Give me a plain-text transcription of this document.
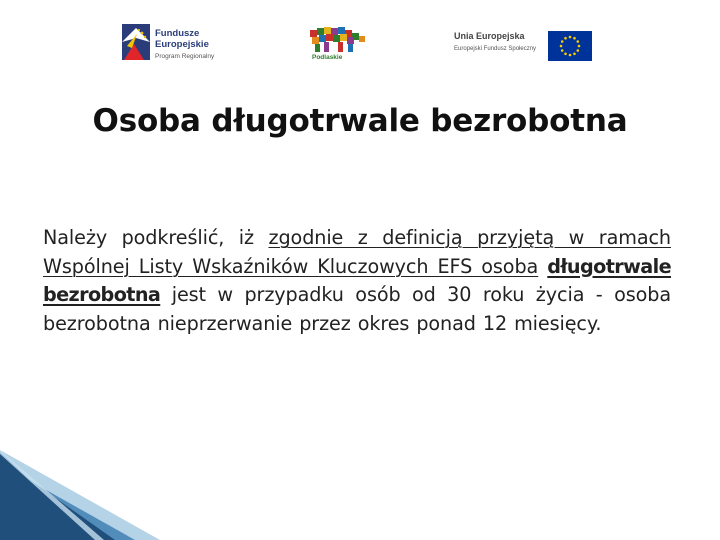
Fundusze
Europejskie
Program Regionalny	Podlaskie
Unia Europejska
Europejski Fundusz Społeczny
Osoba długotrwale bezrobotna
Należy podkreślić, iż zgodnie z definicją przyjętą w ramach Wspólnej Listy Wskaźników Kluczowych EFS osoba długotrwale bezrobotna jest w przypadku osób od 30 roku życia - osoba bezrobotna nieprzerwanie przez okres ponad 12 miesięcy.
